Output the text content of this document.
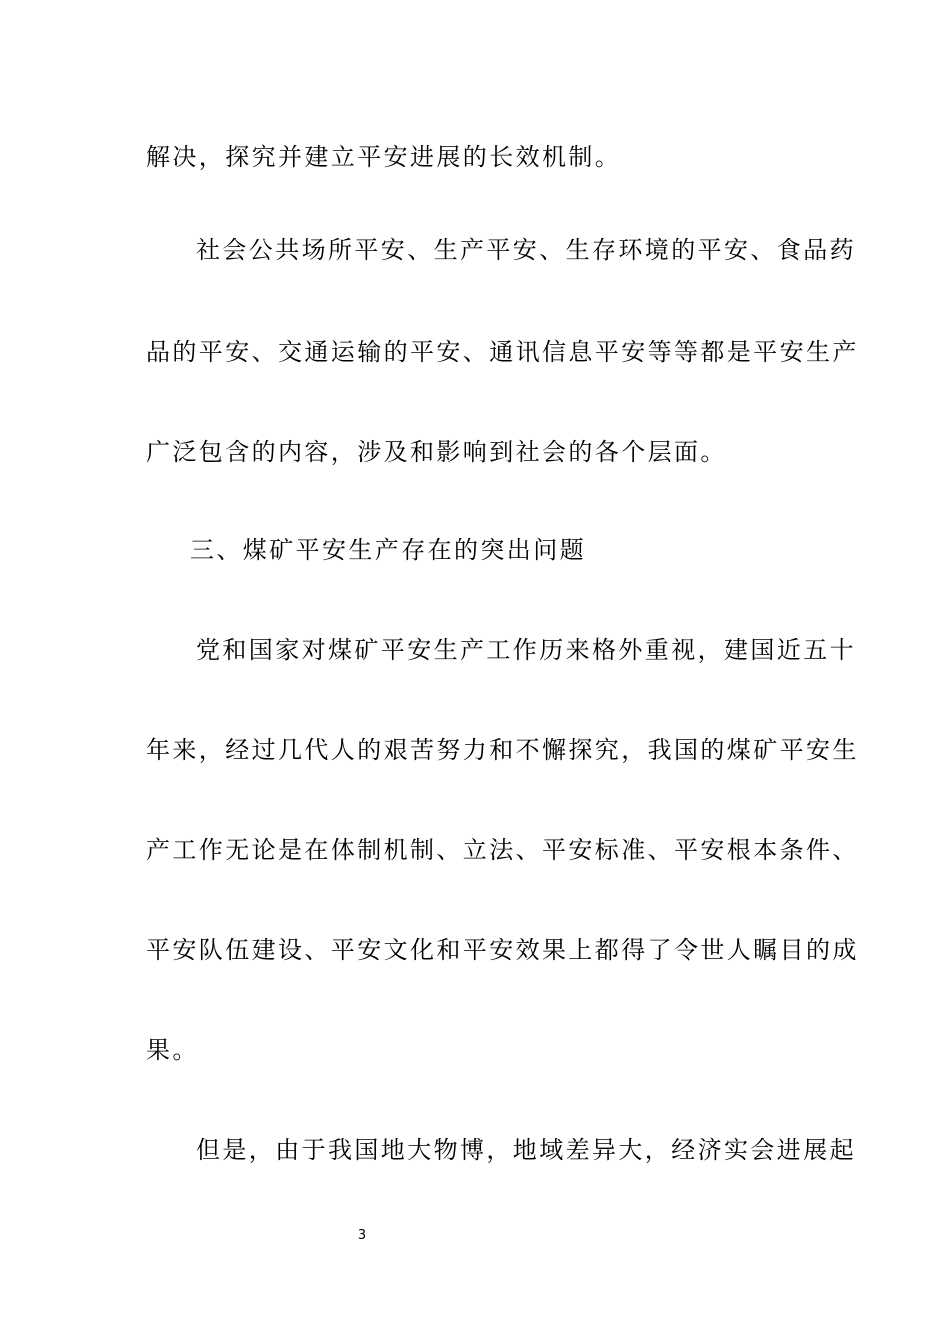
解决，探究并建立平安进展的长效机制。
社会公共场所平安、生产平安、生存环境的平安、食品药
品的平安、交通运输的平安、通讯信息平安等等都是平安生产
广泛包含的内容，涉及和影响到社会的各个层面。
三、煤矿平安生产存在的突出问题
党和国家对煤矿平安生产工作历来格外重视，建国近五十
年来，经过几代人的艰苦努力和不懈探究，我国的煤矿平安生
产工作无论是在体制机制、立法、平安标准、平安根本条件、
平安队伍建设、平安文化和平安效果上都得了令世人瞩目的成
果。
但是，由于我国地大物博，地域差异大，经济实会进展起
3
